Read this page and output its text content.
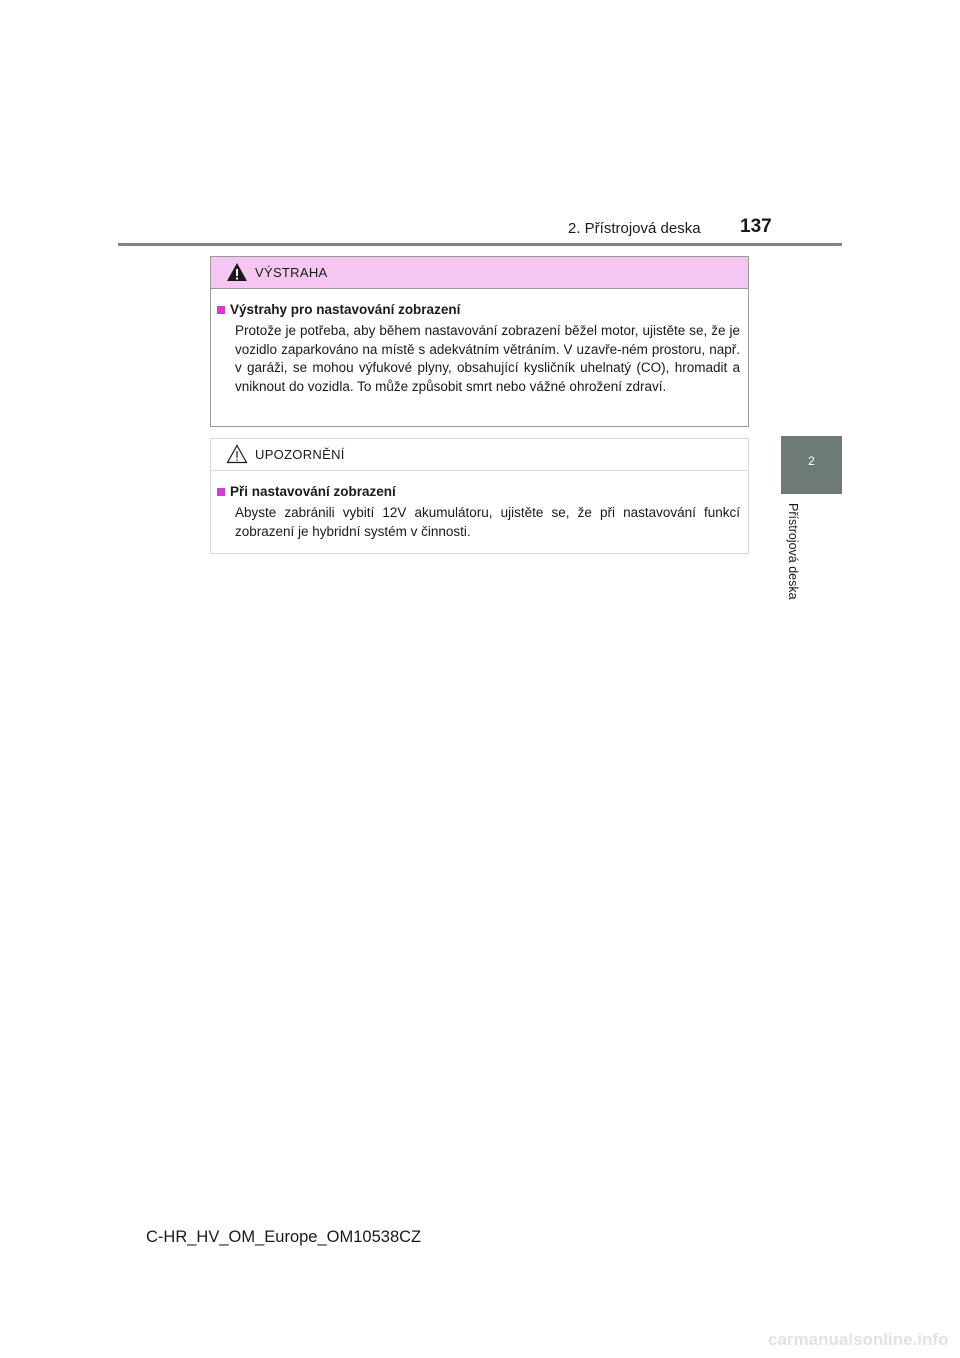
2. Přístrojová deska 137
2
Přístrojová deska
VÝSTRAHA
Výstrahy pro nastavování zobrazení
Protože je potřeba, aby během nastavování zobrazení běžel motor, ujistěte se, že je vozidlo zaparkováno na místě s adekvátním větráním. V uzavře-ném prostoru, např. v garáži, se mohou výfukové plyny, obsahující kysličník uhelnatý (CO), hromadit a vniknout do vozidla. To může způsobit smrt nebo vážné ohrožení zdraví.
UPOZORNĚNÍ
Při nastavování zobrazení
Abyste zabránili vybití 12V akumulátoru, ujistěte se, že při nastavování funkcí zobrazení je hybridní systém v činnosti.
C-HR_HV_OM_Europe_OM10538CZ
carmanualsonline.info
